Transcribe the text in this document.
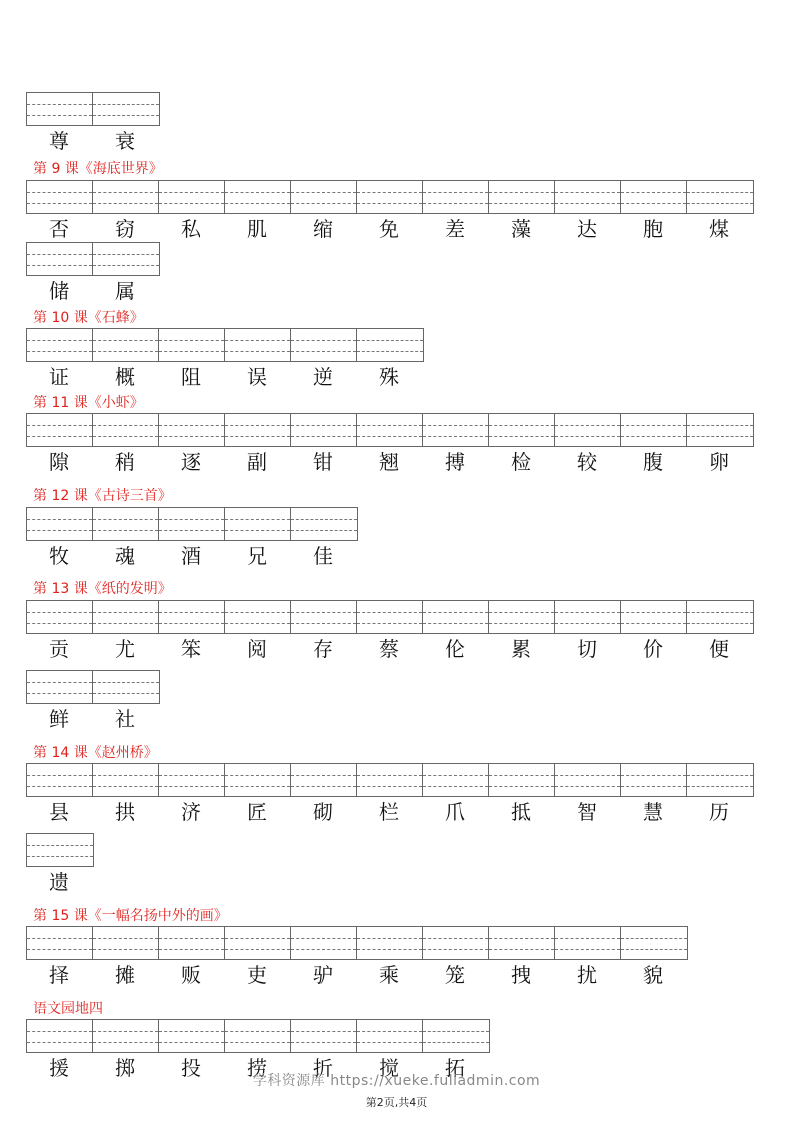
尊	衰
第 9 课《海底世界》
否	窃	私	肌	缩	免	差	藻	达	胞	煤
储	属
第 10 课《石蜂》
证	概	阻	误	逆	殊
第 11 课《小虾》
隙	稍	逐	副	钳	翘	搏	检	较	腹	卵
第 12 课《古诗三首》
牧	魂	酒	兄	佳
第 13 课《纸的发明》
贡	尤	笨	阅	存	蔡	伦	累	切	价	便
鲜	社
第 14 课《赵州桥》
县	拱	济	匠	砌	栏	爪	抵	智	慧	历
遗
第 15 课《一幅名扬中外的画》
择	摊	贩	吏	驴	乘	笼	拽	扰	貌
语文园地四
援	掷	投	捞	折	搅	拓
学科资源库 https://xueke.fuliadmin.com
第2页,共4页
